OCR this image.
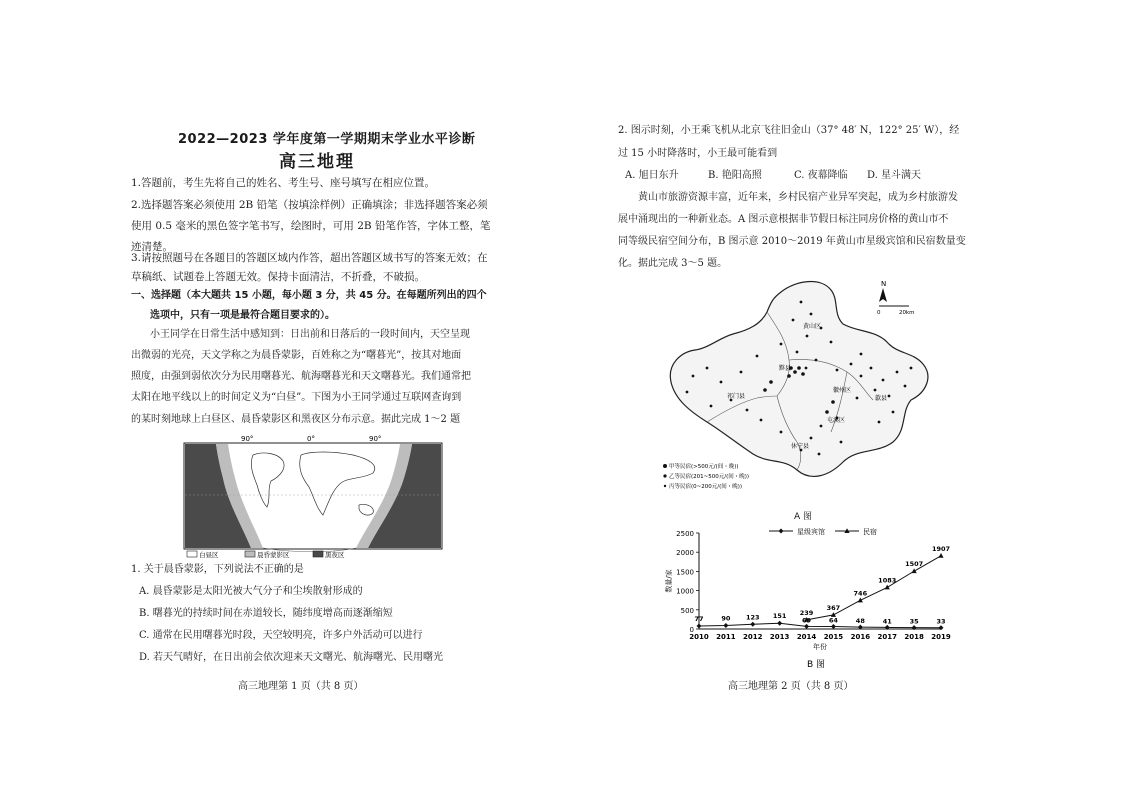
2022—2023 学年度第一学期期末学业水平诊断
高三地理
1.答题前，考生先将自己的姓名、考生号、座号填写在相应位置。
2.选择题答案必须使用 2B 铅笔（按填涂样例）正确填涂；非选择题答案必须
使用 0.5 毫米的黑色签字笔书写，绘图时，可用 2B 铅笔作答，字体工整，笔
迹清楚。
3.请按照题号在各题目的答题区域内作答，超出答题区域书写的答案无效；在
草稿纸、试题卷上答题无效。保持卡面清洁，不折叠，不破损。
一、选择题（本大题共 15 小题，每小题 3 分，共 45 分。在每题所列出的四个
选项中，只有一项是最符合题目要求的）。
小王同学在日常生活中感知到：日出前和日落后的一段时间内，天空呈现
出微弱的光亮，天文学称之为晨昏蒙影，百姓称之为“曙暮光”，按其对地面
照度，由强到弱依次分为民用曙暮光、航海曙暮光和天文曙暮光。我们通常把
太阳在地平线以上的时间定义为“白昼”。下图为小王同学通过互联网查询到
的某时刻地球上白昼区、晨昏蒙影区和黑夜区分布示意。据此完成 1～2 题
90°	0°	90°
白昼区	晨昏蒙影区	黑夜区
1. 关于晨昏蒙影，下列说法不正确的是
A. 晨昏蒙影是太阳光被大气分子和尘埃散射形成的
B. 曙暮光的持续时间在赤道较长，随纬度增高而逐渐缩短
C. 通常在民用曙暮光时段，天空较明亮，许多户外活动可以进行
D. 若天气晴好，在日出前会依次迎来天文曙光、航海曙光、民用曙光
高三地理第 1 页（共 8 页）
2. 图示时刻，小王乘飞机从北京飞往旧金山（37° 48′ N，122° 25′ W），经
过 15 小时降落时，小王最可能看到
A. 旭日东升	B. 艳阳高照	C. 夜幕降临 D. 星斗满天
黄山市旅游资源丰富，近年来，乡村民宿产业异军突起，成为乡村旅游发
展中涌现出的一种新业态。A 图示意根据非节假日标注同房价格的黄山市不
同等级民宿空间分布，B 图示意 2010～2019 年黄山市星级宾馆和民宿数量变
化。据此完成 3～5 题。
黄山区
歙县
黟县
屯溪区
祁门县
休宁县
徽州区
N
0	20km
甲等民宿(>500元/(间・晚))
乙等民宿(201~500元/(间・晚))
丙等民宿(0~200元/(间・晚))
A 图
0
500
1000
1500
2000
2500
2010 2011 2012 2013 2014 2015 2016 2017 2018 2019
年份
数量/家
B 图
77	90 123 151
69	64	48	41	35	33
239
367
746
1083
1507
1907
星级宾馆	民宿
高三地理第 2 页（共 8 页）
